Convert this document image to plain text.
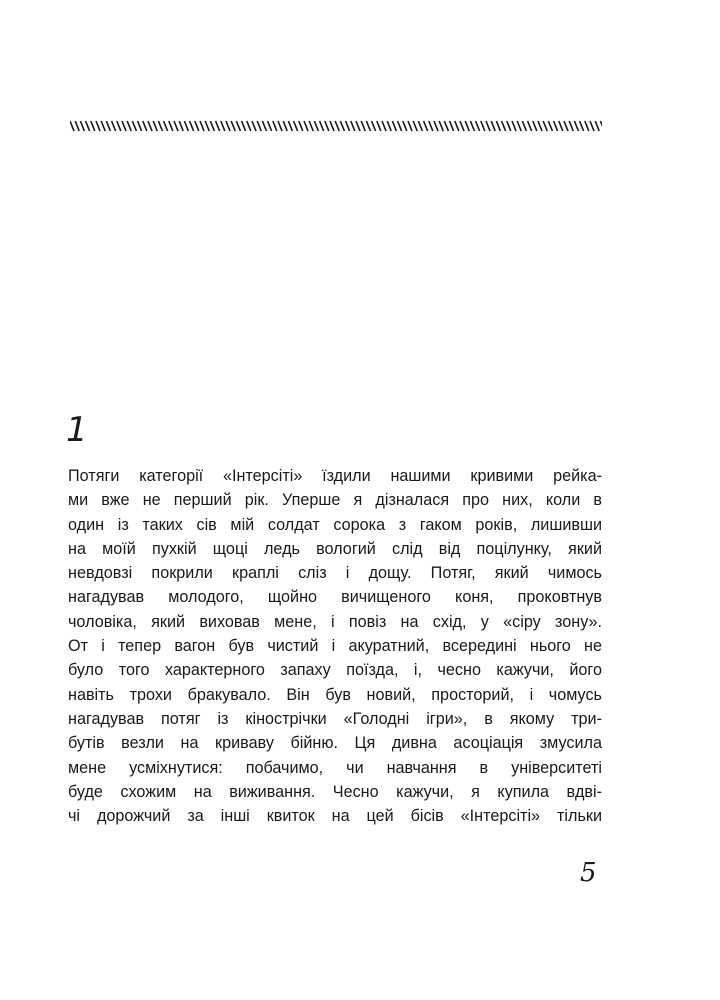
1
Потяги категорії «Інтерсіті» їздили нашими кривими рейка-
ми вже не перший рік. Уперше я дізналася про них, коли в
один із таких сів мій солдат сорока з гаком років, лишивши
на моїй пухкій щоці ледь вологий слід від поцілунку, який
невдовзі покрили краплі сліз і дощу. Потяг, який чимось
нагадував молодого, щойно вичищеного коня, проковтнув
чоловіка, який виховав мене, і повіз на схід, у «сіру зону».
От і тепер вагон був чистий і акуратний, всередині нього не
було того характерного запаху поїзда, і, чесно кажучи, його
навіть трохи бракувало. Він був новий, просторий, і чомусь
нагадував потяг із кінострічки «Голодні ігри», в якому три-
бутів везли на криваву бійню. Ця дивна асоціація змусила
мене усміхнутися: побачимо, чи навчання в університеті
буде схожим на виживання. Чесно кажучи, я купила вдві-
чі дорожчий за інші квиток на цей бісів «Інтерсіті» тільки
5
